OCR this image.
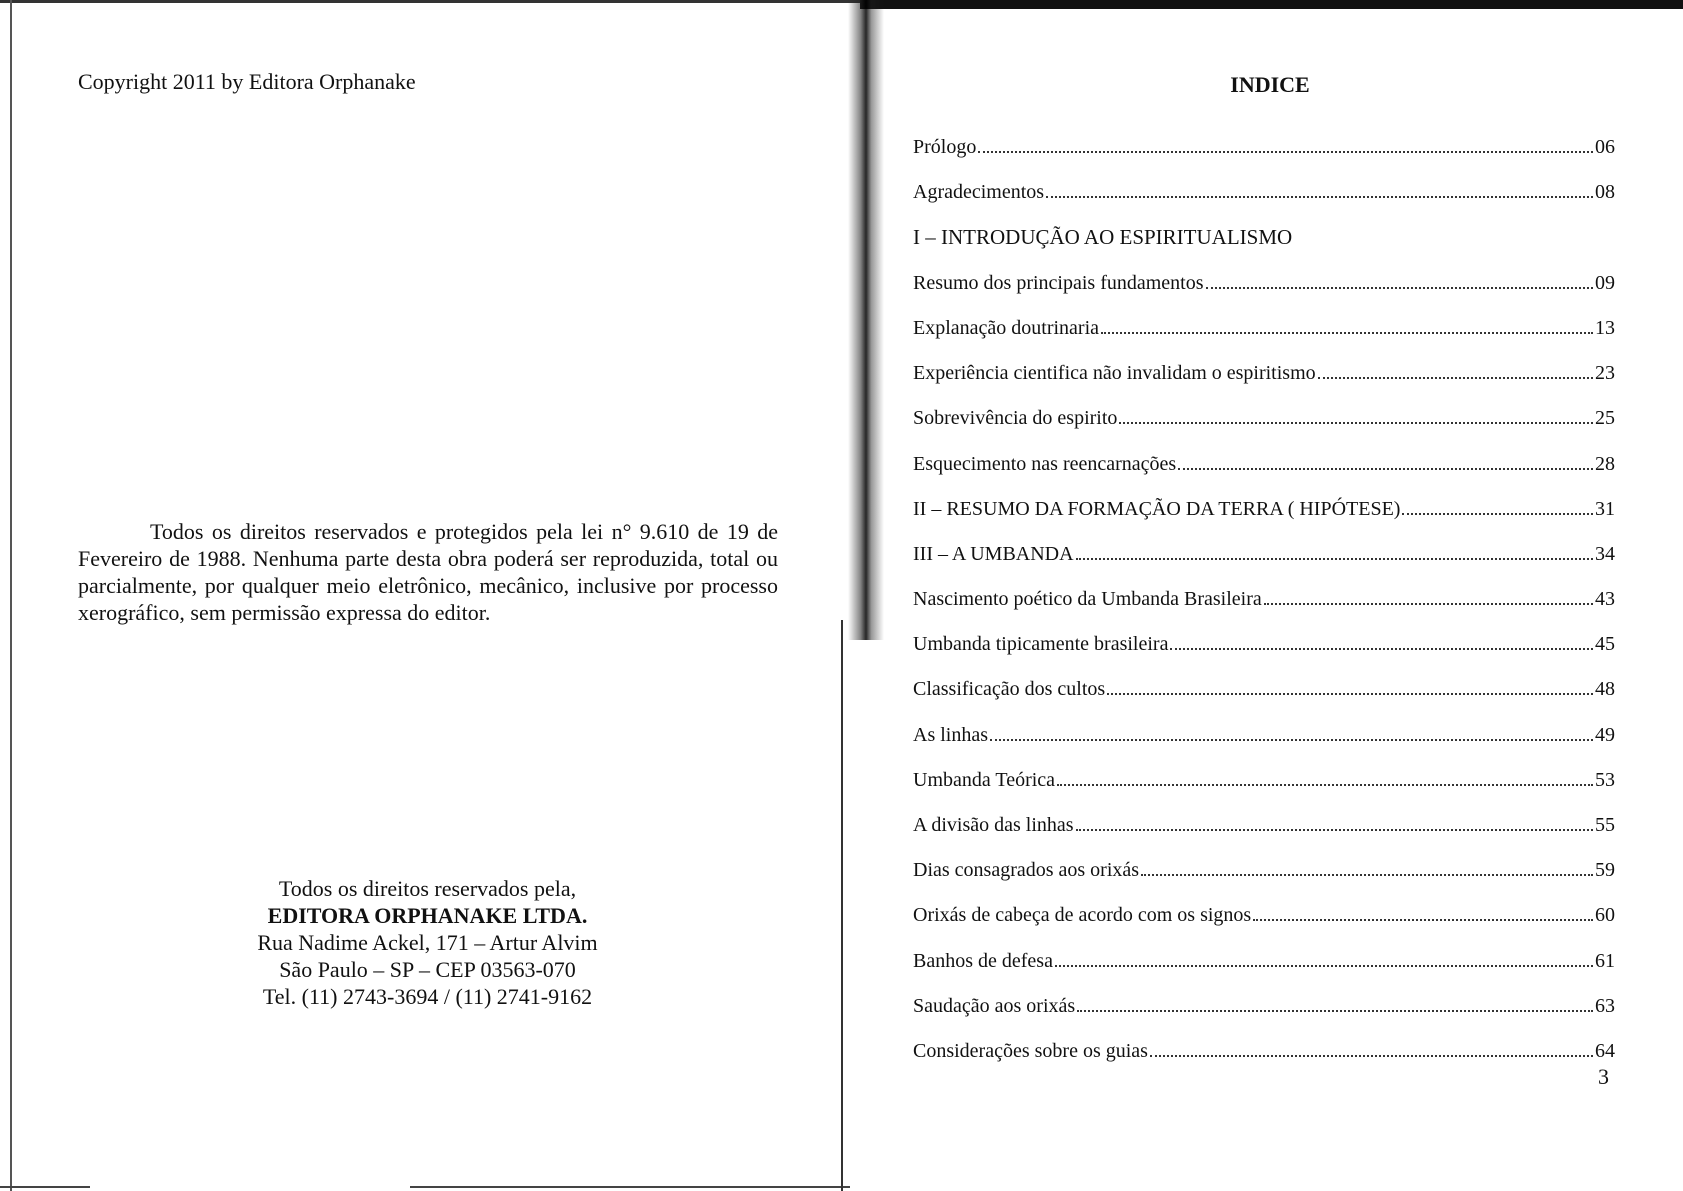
Copyright 2011 by Editora Orphanake

Todos os direitos reservados e protegidos pela lei n° 9.610 de 19 de Fevereiro de 1988. Nenhuma parte desta obra poderá ser reproduzida, total ou parcialmente, por qualquer meio eletrônico, mecânico, inclusive por processo xerográfico, sem permissão expressa do editor.

Todos os direitos reservados pela,
EDITORA ORPHANAKE LTDA.
Rua Nadime Ackel, 171 – Artur Alvim
São Paulo – SP – CEP 03563-070
Tel. (11) 2743-3694 / (11) 2741-9162
INDICE
Prólogo	06
Agradecimentos	08
I – INTRODUÇÃO AO ESPIRITUALISMO
Resumo dos principais fundamentos	09
Explanação doutrinaria	13
Experiência cientifica não invalidam o espiritismo	23
Sobrevivência do espirito	25
Esquecimento nas reencarnações	28
II – RESUMO DA FORMAÇÃO DA TERRA ( HIPÓTESE)	31
III – A UMBANDA	34
Nascimento poético da Umbanda Brasileira	43
Umbanda tipicamente brasileira	45
Classificação dos cultos	48
As linhas	49
Umbanda Teórica	53
A divisão das linhas	55
Dias consagrados aos orixás	59
Orixás de cabeça de acordo com os signos	60
Banhos de defesa	61
Saudação aos orixás	63
Considerações sobre os guias	64
3
